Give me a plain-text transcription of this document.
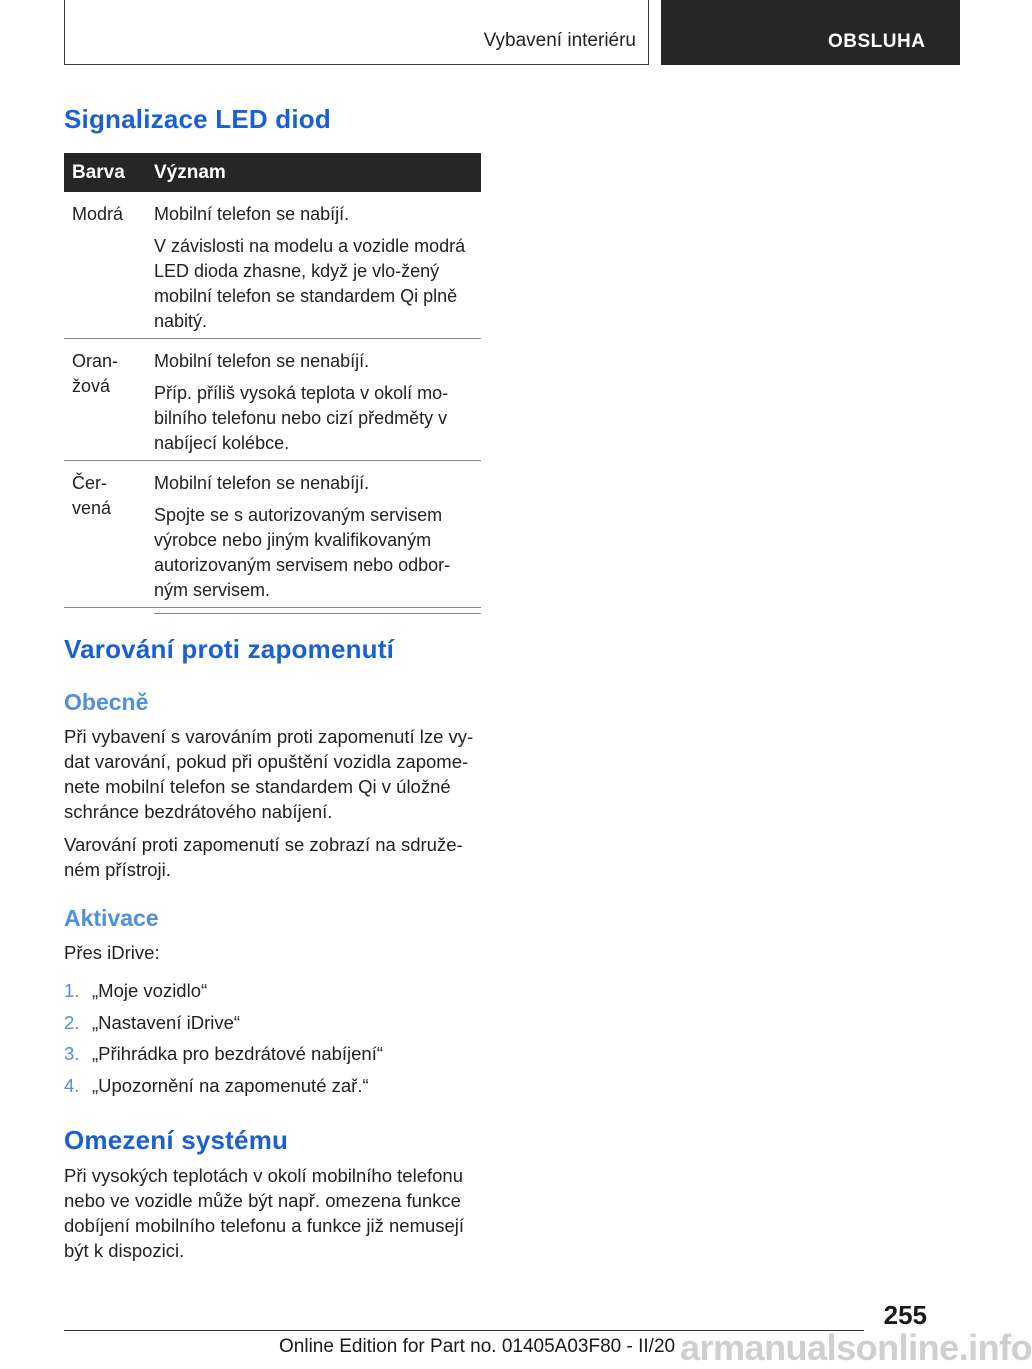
Vybavení interiéru	OBSLUHA
Signalizace LED diod
Barva Význam
Modrá	Mobilní telefon se nabíjí.

V závislosti na modelu a vozidle modrá LED dioda zhasne, když je vlo-žený mobilní telefon se standardem Qi plně nabitý.

Oran-žová

Mobilní telefon se nenabíjí.

Příp. příliš vysoká teplota v okolí mo-bilního telefonu nebo cizí předměty v nabíjecí kolébce.

Čer-vená

Mobilní telefon se nenabíjí.

Spojte se s autorizovaným servisem výrobce nebo jiným kvalifikovaným autorizovaným servisem nebo odbor-ným servisem.

Varování proti zapomenutí
Obecně

Při vybavení s varováním proti zapomenutí lze vy-dat varování, pokud při opuštění vozidla zapome-nete mobilní telefon se standardem Qi v úložné schránce bezdrátového nabíjení.

Varování proti zapomenutí se zobrazí na sdruže-ném přístroji.

Aktivace
Přes iDrive:
1. „Moje vozidlo“
2. „Nastavení iDrive“
3. „Přihrádka pro bezdrátové nabíjení“
4. „Upozornění na zapomenuté zař.“
Omezení systému

Při vysokých teplotách v okolí mobilního telefonu nebo ve vozidle může být např. omezena funkce dobíjení mobilního telefonu a funkce již nemusejí být k dispozici.

255
armanualsonline.info
Online Edition for Part no. 01405A03F80 - II/20
